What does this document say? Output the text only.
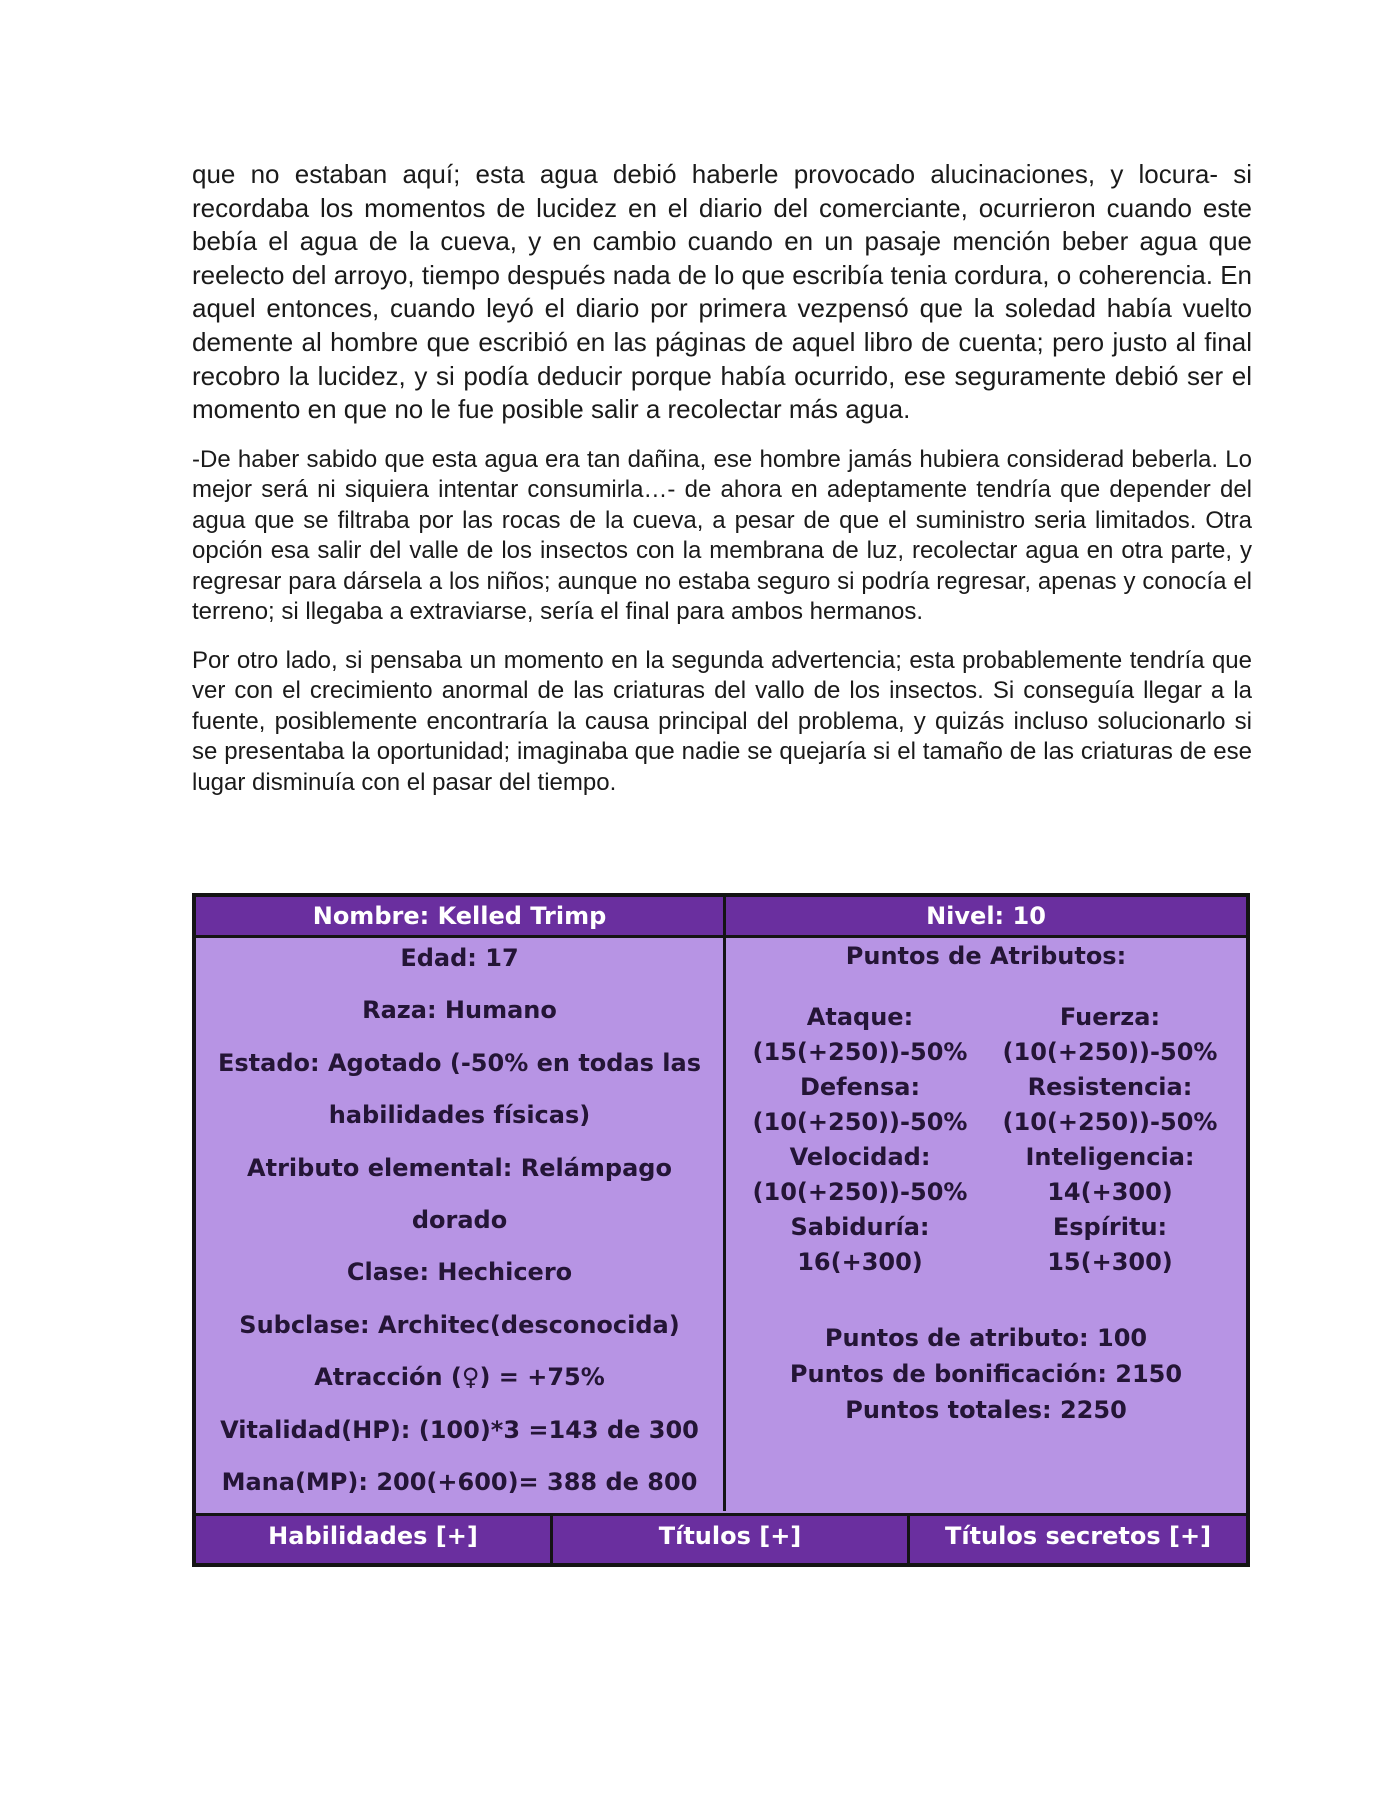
que no estaban aquí; esta agua debió haberle provocado alucinaciones, y locura- si recordaba los momentos de lucidez en el diario del comerciante, ocurrieron cuando este bebía el agua de la cueva, y en cambio cuando en un pasaje mención beber agua que reelecto del arroyo, tiempo después nada de lo que escribía tenia cordura, o coherencia. En aquel entonces, cuando leyó el diario por primera vezpensó que la soledad había vuelto demente al hombre que escribió en las páginas de aquel libro de cuenta; pero justo al final recobro la lucidez, y si podía deducir porque había ocurrido, ese seguramente debió ser el momento en que no le fue posible salir a recolectar más agua.

-De haber sabido que esta agua era tan dañina, ese hombre jamás hubiera considerad beberla. Lo mejor será ni siquiera intentar consumirla…- de ahora en adeptamente tendría que depender del agua que se filtraba por las rocas de la cueva, a pesar de que el suministro seria limitados. Otra opción esa salir del valle de los insectos con la membrana de luz, recolectar agua en otra parte, y regresar para dársela a los niños; aunque no estaba seguro si podría regresar, apenas y conocía el terreno; si llegaba a extraviarse, sería el final para ambos hermanos.

Por otro lado, si pensaba un momento en la segunda advertencia; esta probablemente tendría que ver con el crecimiento anormal de las criaturas del vallo de los insectos. Si conseguía llegar a la fuente, posiblemente encontraría la causa principal del problema, y quizás incluso solucionarlo si se presentaba la oportunidad; imaginaba que nadie se quejaría si el tamaño de las criaturas de ese lugar disminuía con el pasar del tiempo.

Nombre: Kelled Trimp	Nivel: 10
Edad: 17
Raza: Humano
Estado: Agotado (-50% en todas las
habilidades físicas)
Atributo elemental: Relámpago
dorado
Clase: Hechicero
Subclase: Architec(desconocida)
Atracción (♀) = +75%
Vitalidad(HP): (100)*3 =143 de 300
Mana(MP): 200(+600)= 388 de 800
Puntos de Atributos:
Ataque:	Fuerza:
(15(+250))-50%	(10(+250))-50%
Defensa:	Resistencia:
(10(+250))-50%	(10(+250))-50%
Velocidad:	Inteligencia:
(10(+250))-50%	14(+300)
Sabiduría:	Espíritu:
16(+300)	15(+300)
Puntos de atributo: 100
Puntos de bonificación: 2150
Puntos totales: 2250
Habilidades [+]	Títulos [+]	Títulos secretos [+]
